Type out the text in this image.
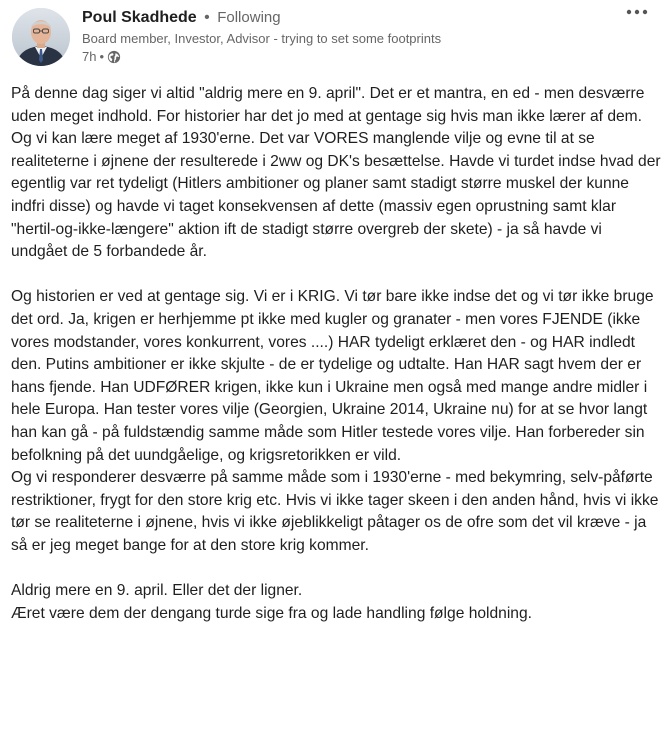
Poul Skadhede • Following
Board member, Investor, Advisor - trying to set some footprints
7h •

På denne dag siger vi altid "aldrig mere en 9. april". Det er et mantra, en ed - men desværre uden meget indhold. For historier har det jo med at gentage sig hvis man ikke lærer af dem. Og vi kan lære meget af 1930'erne. Det var VORES manglende vilje og evne til at se realiteterne i øjnene der resulterede i 2ww og DK's besættelse. Havde vi turdet indse hvad der egentlig var ret tydeligt (Hitlers ambitioner og planer samt stadigt større muskel der kunne indfri disse) og havde vi taget konsekvensen af dette (massiv egen oprustning samt klar "hertil-og-ikke-længere" aktion ift de stadigt større overgreb der skete) - ja så havde vi undgået de 5 forbandede år.

Og historien er ved at gentage sig. Vi er i KRIG. Vi tør bare ikke indse det og vi tør ikke bruge det ord. Ja, krigen er herhjemme pt ikke med kugler og granater - men vores FJENDE (ikke vores modstander, vores konkurrent, vores ....) HAR tydeligt erklæret den - og HAR indledt den. Putins ambitioner er ikke skjulte - de er tydelige og udtalte. Han HAR sagt hvem der er hans fjende. Han UDFØRER krigen, ikke kun i Ukraine men også med mange andre midler i hele Europa. Han tester vores vilje (Georgien, Ukraine 2014, Ukraine nu) for at se hvor langt han kan gå - på fuldstændig samme måde som Hitler testede vores vilje. Han forbereder sin befolkning på det uundgåelige, og krigsretorikken er vild.

Og vi responderer desværre på samme måde som i 1930'erne - med bekymring, selv-påførte restriktioner, frygt for den store krig etc. Hvis vi ikke tager skeen i den anden hånd, hvis vi ikke tør se realiteterne i øjnene, hvis vi ikke øjeblikkeligt påtager os de ofre som det vil kræve - ja så er jeg meget bange for at den store krig kommer.

Aldrig mere en 9. april. Eller det der ligner.

Æret være dem der dengang turde sige fra og lade handling følge holdning.
